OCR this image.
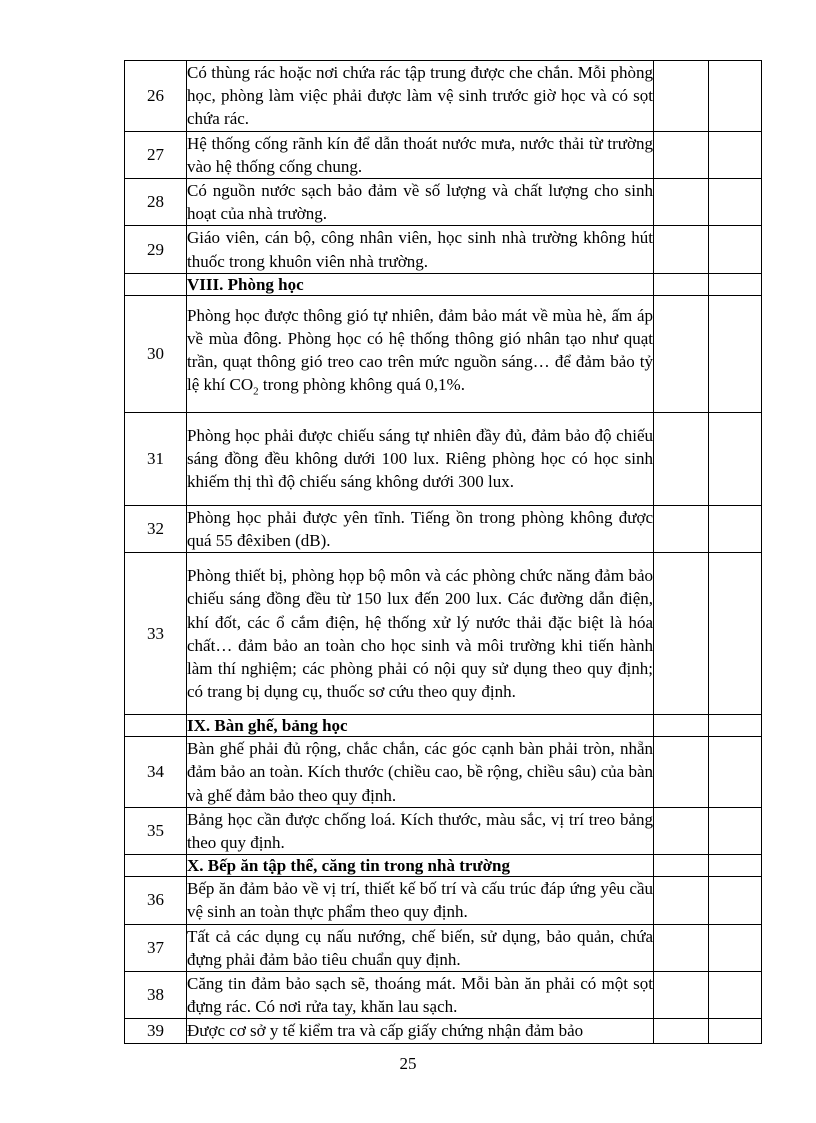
26	Có thùng rác hoặc nơi chứa rác tập trung được che chắn. Mỗi phòng học, phòng làm việc phải được làm vệ sinh trước giờ học và có sọt chứa rác.		
27	Hệ thống cống rãnh kín để dẫn thoát nước mưa, nước thải từ trường vào hệ thống cống chung.		
28	Có nguồn nước sạch bảo đảm về số lượng và chất lượng cho sinh hoạt của nhà trường.		
29	Giáo viên, cán bộ, công nhân viên, học sinh nhà trường không hút thuốc trong khuôn viên nhà trường.		
	VIII. Phòng học		
30	Phòng học được thông gió tự nhiên, đảm bảo mát về mùa hè, ấm áp về mùa đông. Phòng học có hệ thống thông gió nhân tạo như quạt trần, quạt thông gió treo cao trên mức nguồn sáng… để đảm bảo tỷ lệ khí $CO_2$ trong phòng không quá 0,1%.		
31	Phòng học phải được chiếu sáng tự nhiên đầy đủ, đảm bảo độ chiếu sáng đồng đều không dưới 100 lux. Riêng phòng học có học sinh khiếm thị thì độ chiếu sáng không dưới 300 lux.		
32	Phòng học phải được yên tĩnh. Tiếng ồn trong phòng không được quá 55 đêxiben (dB).		
33	Phòng thiết bị, phòng họp bộ môn và các phòng chức năng đảm bảo chiếu sáng đồng đều từ 150 lux đến 200 lux. Các đường dẫn điện, khí đốt, các ổ cắm điện, hệ thống xử lý nước thải đặc biệt là hóa chất… đảm bảo an toàn cho học sinh và môi trường khi tiến hành làm thí nghiệm; các phòng phải có nội quy sử dụng theo quy định; có trang bị dụng cụ, thuốc sơ cứu theo quy định.		
	IX. Bàn ghế, bảng học		
34	Bàn ghế phải đủ rộng, chắc chắn, các góc cạnh bàn phải tròn, nhẵn đảm bảo an toàn. Kích thước (chiều cao, bề rộng, chiều sâu) của bàn và ghế đảm bảo theo quy định.		
35	Bảng học cần được chống loá. Kích thước, màu sắc, vị trí treo bảng theo quy định.		
	X. Bếp ăn tập thể, căng tin trong nhà trường		
36	Bếp ăn đảm bảo về vị trí, thiết kế bố trí và cấu trúc đáp ứng yêu cầu vệ sinh an toàn thực phẩm theo quy định.		
37	Tất cả các dụng cụ nấu nướng, chế biến, sử dụng, bảo quản, chứa đựng phải đảm bảo tiêu chuẩn quy định.		
38	Căng tin đảm bảo sạch sẽ, thoáng mát. Mỗi bàn ăn phải có một sọt đựng rác. Có nơi rửa tay, khăn lau sạch.		
39	Được cơ sở y tế kiểm tra và cấp giấy chứng nhận đảm bảo		
25
